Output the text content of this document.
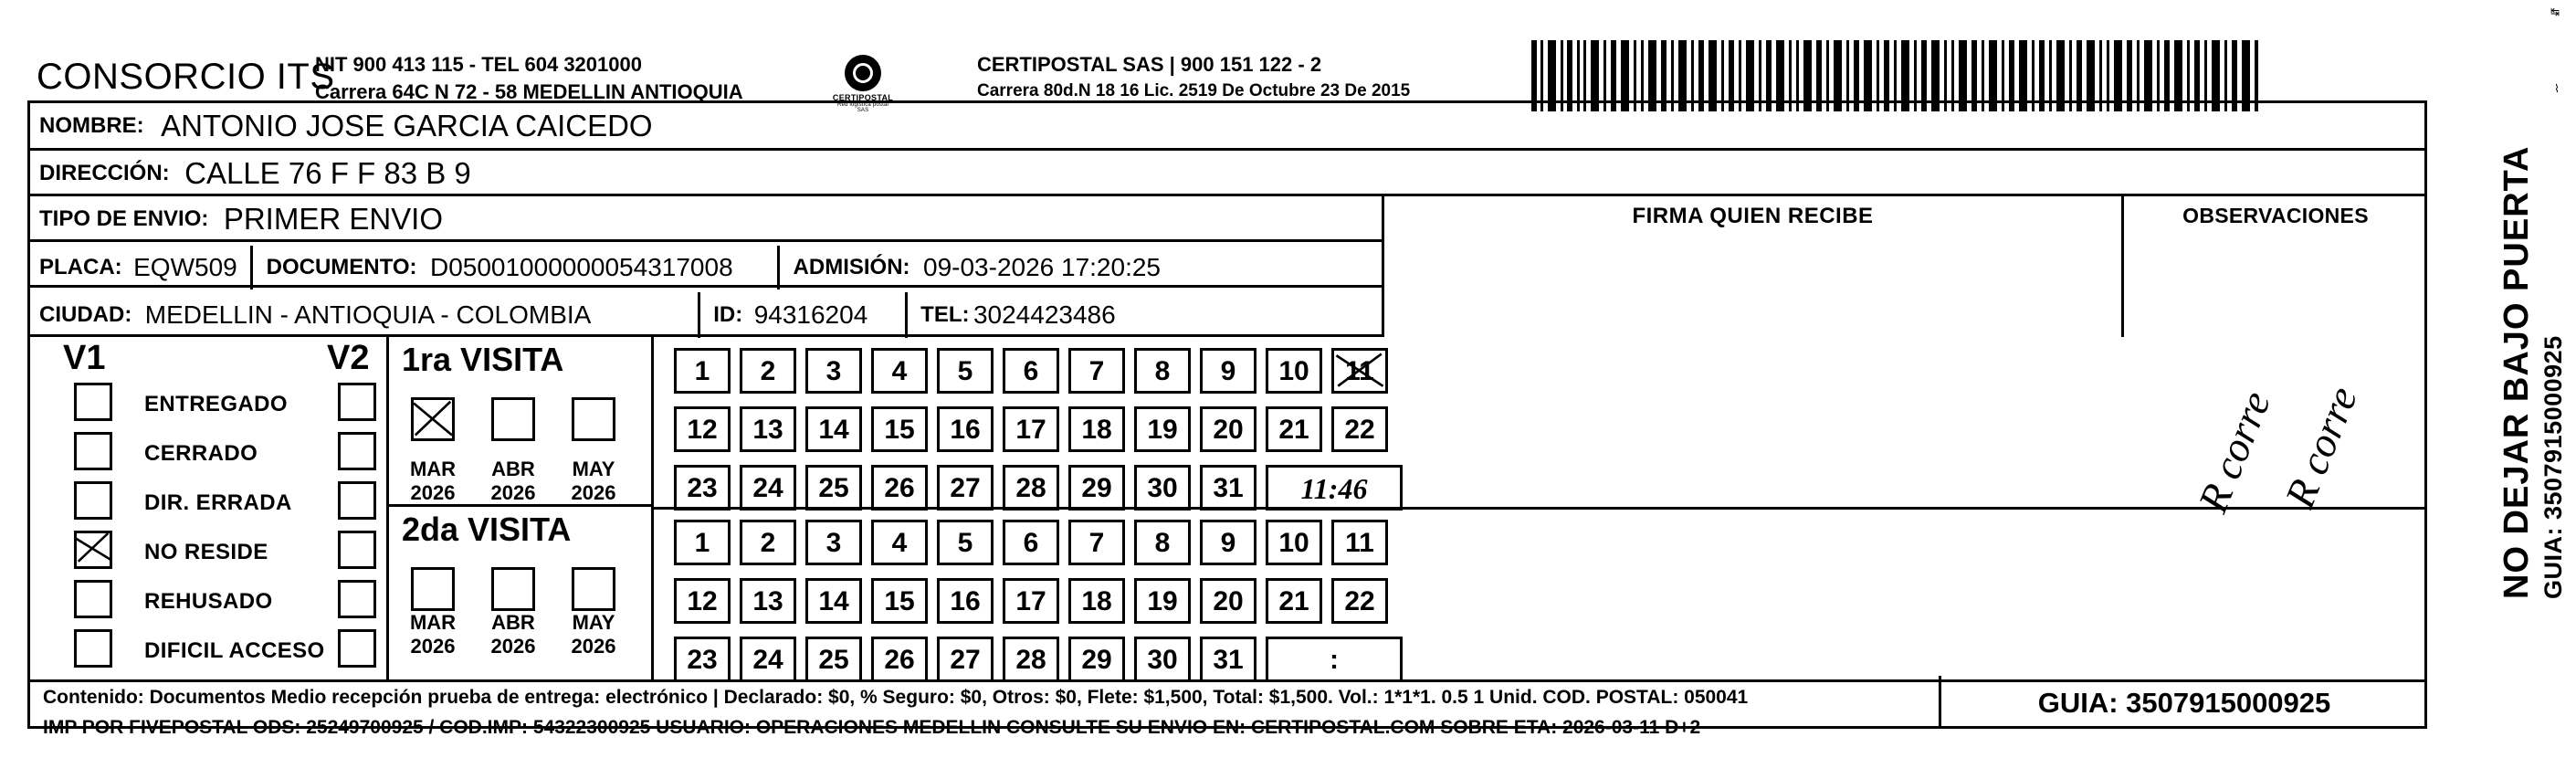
CONSORCIO ITS
NIT 900 413 115 - TEL 604 3201000
Carrera 64C N 72 - 58 MEDELLIN ANTIOQUIA	CERTIPOSTAL
Red logistica postal SAS
CERTIPOSTAL SAS | 900 151 122 - 2
Carrera 80d.N 18 16 Lic. 2519 De Octubre 23 De 2015
NOMBRE: ANTONIO JOSE GARCIA CAICEDO
DIRECCIÓN: CALLE 76 F F 83 B 9
TIPO DE ENVIO: PRIMER ENVIO
PLACA: EQW509 DOCUMENTO: D05001000000054317008	ADMISIÓN: 09-03-2026 17:20:25
CIUDAD: MEDELLIN - ANTIOQUIA - COLOMBIA	ID: 94316204 TEL: 3024423486
FIRMA QUIEN RECIBE	OBSERVACIONES
R corre
R corre
V1	V2
ENTREGADO
CERRADO
DIR. ERRADA
NO RESIDE
REHUSADO
DIFICIL ACCESO
1ra VISITA
MAR	ABR	MAY
2026	2026	2026
2da VISITA
MAR	ABR	MAY
2026	2026	2026
1	2	3	4	5	6	7	8	9	10	11
12	13	14	15	16	17	18	19	20	21	22
23	24	25	26	27	28	29	30	31	11:46
1	2	3	4	5	6	7	8	9	10	11
12	13	14	15	16	17	18	19	20	21	22
23	24	25	26	27	28	29	30	31	:
Contenido: Documentos Medio recepción prueba de entrega: electrónico | Declarado: $0, % Seguro: $0, Otros: $0, Flete: $1,500, Total: $1,500. Vol.: 1*1*1. 0.5 1 Unid. COD. POSTAL: 050041
IMP POR FIVEPOSTAL ODS: 25249700925 / COD.IMP: 54322300925 USUARIO: OPERACIONES MEDELLIN CONSULTE SU ENVIO EN: CERTIPOSTAL.COM SOBRE ETA: 2026-03-11 D+2
GUIA: 3507915000925
NO DEJAR BAJO PUERTA GUIA: 3507915000925
↹
⌇
